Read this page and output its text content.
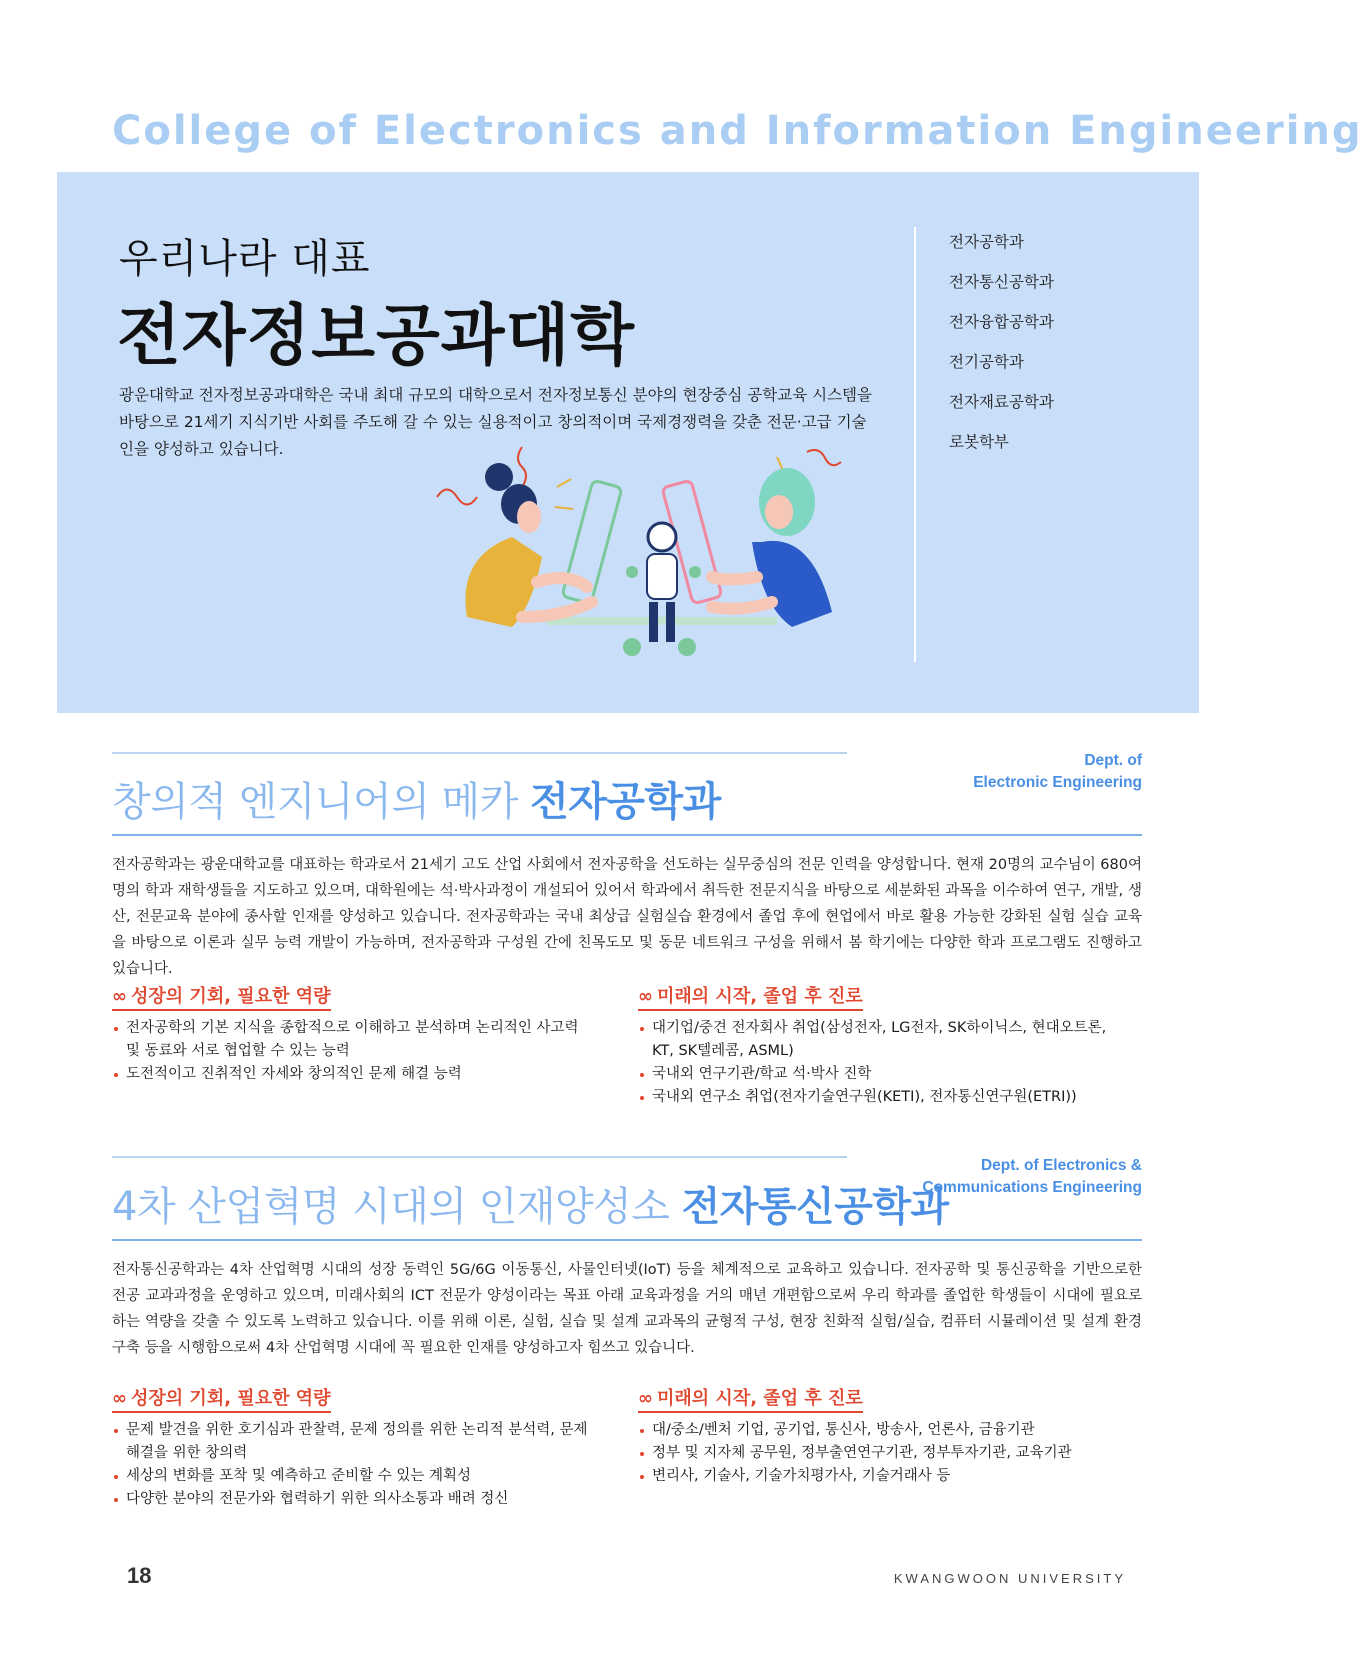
College of Electronics and Information Engineering
우리나라 대표
전자정보공과대학
광운대학교 전자정보공과대학은 국내 최대 규모의 대학으로서 전자정보통신 분야의 현장중심 공학교육 시스템을 바탕으로 21세기 지식기반 사회를 주도해 갈 수 있는 실용적이고 창의적이며 국제경쟁력을 갖춘 전문·고급 기술인을 양성하고 있습니다.
전자공학과
전자통신공학과
전자융합공학과
전기공학과
전자재료공학과
로봇학부
창의적 엔지니어의 메카 전자공학과
Dept. of
Electronic Engineering
전자공학과는 광운대학교를 대표하는 학과로서 21세기 고도 산업 사회에서 전자공학을 선도하는 실무중심의 전문 인력을 양성합니다. 현재 20명의 교수님이 680여 명의 학과 재학생들을 지도하고 있으며, 대학원에는 석·박사과정이 개설되어 있어서 학과에서 취득한 전문지식을 바탕으로 세분화된 과목을 이수하여 연구, 개발, 생산, 전문교육 분야에 종사할 인재를 양성하고 있습니다. 전자공학과는 국내 최상급 실험실습 환경에서 졸업 후에 현업에서 바로 활용 가능한 강화된 실험 실습 교육을 바탕으로 이론과 실무 능력 개발이 가능하며, 전자공학과 구성원 간에 친목도모 및 동문 네트워크 구성을 위해서 봄 학기에는 다양한 학과 프로그램도 진행하고 있습니다.
∞ 성장의 기회, 필요한 역량
전자공학의 기본 지식을 종합적으로 이해하고 분석하며 논리적인 사고력 및 동료와 서로 협업할 수 있는 능력
도전적이고 진취적인 자세와 창의적인 문제 해결 능력
∞ 미래의 시작, 졸업 후 진로
대기업/중견 전자회사 취업(삼성전자, LG전자, SK하이닉스, 현대오트론, KT, SK텔레콤, ASML)
국내외 연구기관/학교 석·박사 진학
국내외 연구소 취업(전자기술연구원(KETI), 전자통신연구원(ETRI))
4차 산업혁명 시대의 인재양성소 전자통신공학과
Dept. of Electronics &
Communications Engineering
전자통신공학과는 4차 산업혁명 시대의 성장 동력인 5G/6G 이동통신, 사물인터넷(IoT) 등을 체계적으로 교육하고 있습니다. 전자공학 및 통신공학을 기반으로한 전공 교과과정을 운영하고 있으며, 미래사회의 ICT 전문가 양성이라는 목표 아래 교육과정을 거의 매년 개편함으로써 우리 학과를 졸업한 학생들이 시대에 필요로 하는 역량을 갖출 수 있도록 노력하고 있습니다. 이를 위해 이론, 실험, 실습 및 설계 교과목의 균형적 구성, 현장 친화적 실험/실습, 컴퓨터 시뮬레이션 및 설계 환경 구축 등을 시행함으로써 4차 산업혁명 시대에 꼭 필요한 인재를 양성하고자 힘쓰고 있습니다.
∞ 성장의 기회, 필요한 역량
문제 발견을 위한 호기심과 관찰력, 문제 정의를 위한 논리적 분석력, 문제 해결을 위한 창의력
세상의 변화를 포착 및 예측하고 준비할 수 있는 계획성
다양한 분야의 전문가와 협력하기 위한 의사소통과 배려 정신
∞ 미래의 시작, 졸업 후 진로
대/중소/벤처 기업, 공기업, 통신사, 방송사, 언론사, 금융기관
정부 및 지자체 공무원, 정부출연연구기관, 정부투자기관, 교육기관
변리사, 기술사, 기술가치평가사, 기술거래사 등
18	KWANGWOON UNIVERSITY
